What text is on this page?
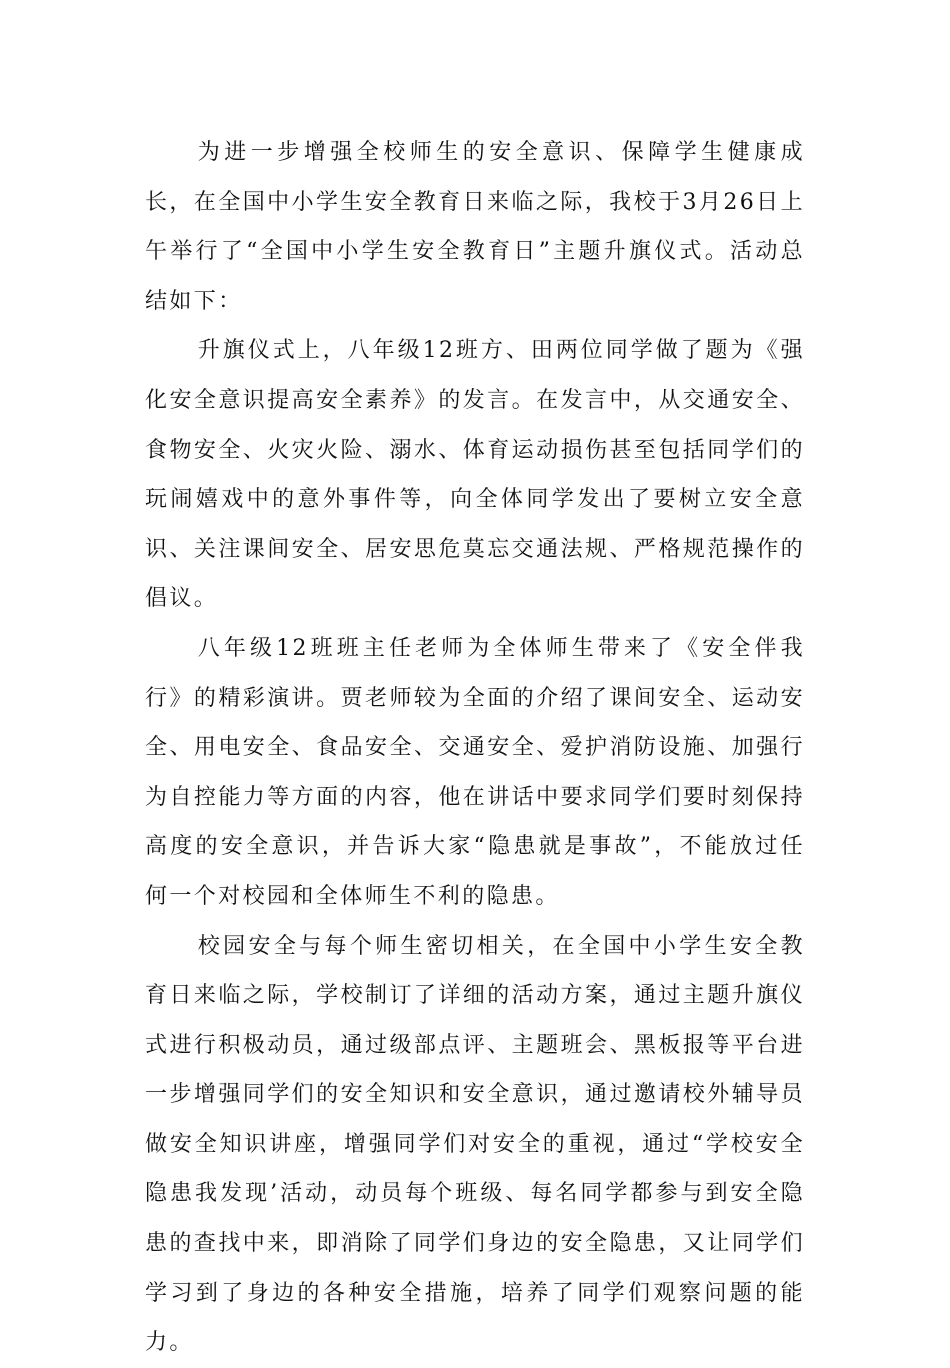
为进一步增强全校师生的安全意识、保障学生健康成长，在全国中小学生安全教育日来临之际，我校于3月26日上午举行了“全国中小学生安全教育日”主题升旗仪式。活动总结如下：

升旗仪式上，八年级12班方、田两位同学做了题为《强化安全意识提高安全素养》的发言。在发言中，从交通安全、食物安全、火灾火险、溺水、体育运动损伤甚至包括同学们的玩闹嬉戏中的意外事件等，向全体同学发出了要树立安全意识、关注课间安全、居安思危莫忘交通法规、严格规范操作的倡议。

八年级12班班主任老师为全体师生带来了《安全伴我行》的精彩演讲。贾老师较为全面的介绍了课间安全、运动安全、用电安全、食品安全、交通安全、爱护消防设施、加强行为自控能力等方面的内容，他在讲话中要求同学们要时刻保持高度的安全意识，并告诉大家“隐患就是事故”，不能放过任何一个对校园和全体师生不利的隐患。

校园安全与每个师生密切相关，在全国中小学生安全教育日来临之际，学校制订了详细的活动方案，通过主题升旗仪式进行积极动员，通过级部点评、主题班会、黑板报等平台进一步增强同学们的安全知识和安全意识，通过邀请校外辅导员做安全知识讲座，增强同学们对安全的重视，通过“学校安全隐患我发现’活动，动员每个班级、每名同学都参与到安全隐患的查找中来，即消除了同学们身边的安全隐患，又让同学们学习到了身边的各种安全措施，培养了同学们观察问题的能力。
